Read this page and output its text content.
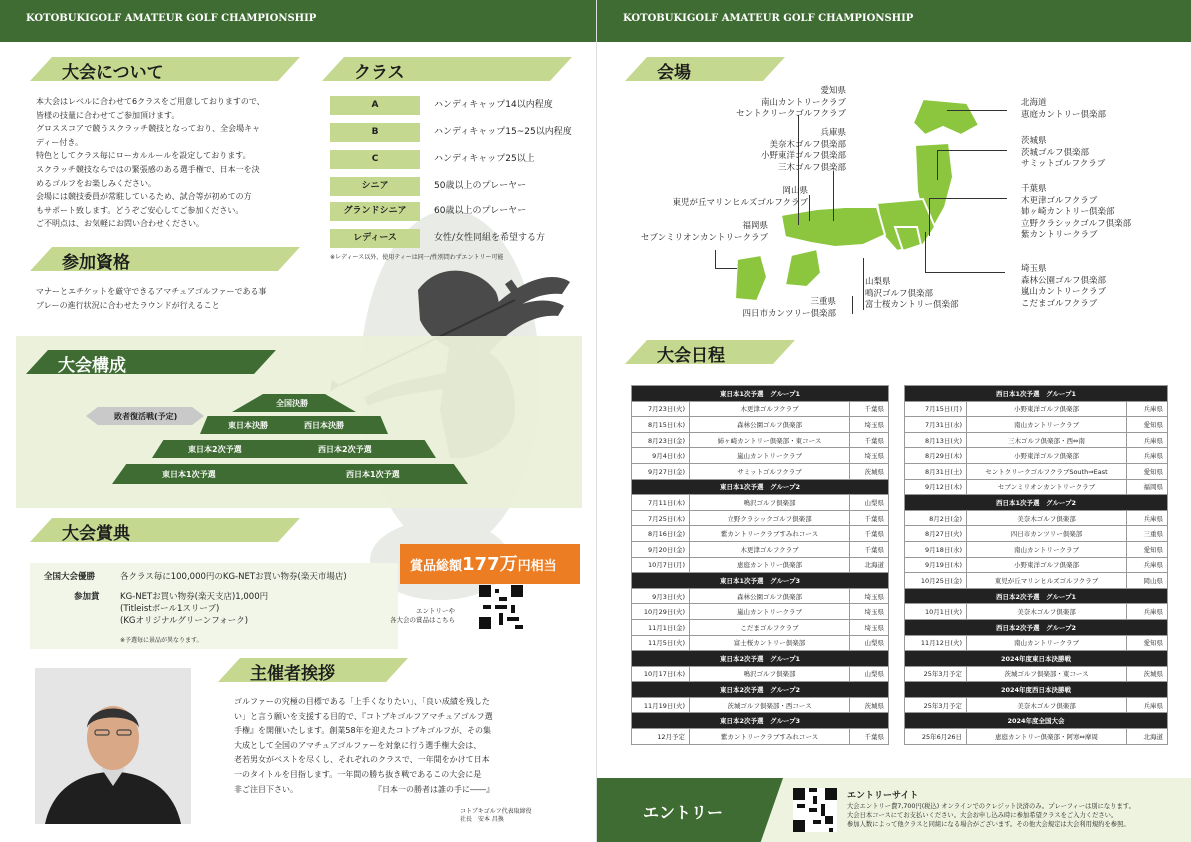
KOTOBUKIGOLF AMATEUR GOLF CHAMPIONSHIP
大会について
本大会はレベルに合わせて6クラスをご用意しておりますので、
皆様の技量に合わせてご参加頂けます。
グロススコアで競うスクラッチ競技となっており、全会場キャ
ディー付き。
特色としてクラス毎にローカルルールを設定しております。
スクラッチ競技ならではの緊張感のある選手権で、日本一を決
めるゴルフをお楽しみください。
会場には競技委員が常駐しているため、試合等が初めての方
もサポート致します。どうぞご安心してご参加ください。
ご不明点は、お気軽にお問い合わせください。
クラス
A	ハンディキャップ14以内程度
B	ハンディキャップ15~25以内程度
C	ハンディキャップ25以上
シニア	50歳以上のプレーヤー
グランドシニア	60歳以上のプレーヤー
レディース	女性/女性同組を希望する方
※レディース以外、使用ティーは同一/性別問わずエントリー可能
参加資格
マナーとエチケットを厳守できるアマチュアゴルファーである事
プレーの進行状況に合わせたラウンドが行えること
大会構成
全国決勝
敗者復活戦(予定)
東日本決勝	西日本決勝
東日本2次予選	西日本2次予選
東日本1次予選	西日本1次予選
大会賞典
賞品総額177万円相当
全国大会優勝	各クラス毎に100,000円のKG-NETお買い物券(楽天市場店)
参加賞 KG-NETお買い物券(楽天支店)1,000円
(Titleistボール1スリーブ)
(KGオリジナルグリーンフォーク)
※予選毎に景品が異なります。
エントリーや
各大会の賞品はこちら
主催者挨拶
ゴルファーの究極の目標である「上手くなりたい」、「良い成績を残した
い」と言う願いを支援する目的で、『コトブキゴルフアマチュアゴルフ選
手権』を開催いたします。創業58年を迎えたコトブキゴルフが、その集
大成として全国のアマチュアゴルファーを対象に行う選手権大会は、
老若男女がベストを尽くし、それぞれのクラスで、一年間をかけて日本
一のタイトルを目指します。一年間の勝ち抜き戦であるこの大会に是
非ご注目下さい。	『日本一の勝者は誰の手に――』
コトブキゴルフ代表取締役
社長　安本 昌換
KOTOBUKIGOLF AMATEUR GOLF CHAMPIONSHIP
会場
愛知県
南山カントリークラブ
セントクリークゴルフクラブ
兵庫県
美奈木ゴルフ倶楽部
小野東洋ゴルフ倶楽部
三木ゴルフ倶楽部
岡山県
東児が丘マリンヒルズゴルフクラブ
福岡県
セブンミリオンカントリークラブ
三重県
四日市カンツリー倶楽部
山梨県
鳴沢ゴルフ倶楽部
富士桜カントリー倶楽部
北海道
恵庭カントリー倶楽部
茨城県
茨城ゴルフ倶楽部
サミットゴルフクラブ
千葉県
木更津ゴルフクラブ
姉ヶ崎カントリー倶楽部
立野クラシックゴルフ倶楽部
紫カントリークラブ
埼玉県
森林公園ゴルフ倶楽部
嵐山カントリークラブ
こだまゴルフクラブ
大会日程
東日本1次予選　グループ1		
7月23日(火)	木更津ゴルフクラブ	千葉県
8月15日(木)	森林公園ゴルフ倶楽部	埼玉県
8月23日(金)	姉ヶ崎カントリー倶楽部・東コース	千葉県
9月4日(水)	嵐山カントリークラブ	埼玉県
9月27日(金)	サミットゴルフクラブ	茨城県
東日本1次予選　グループ2		
7月11日(木)	鳴沢ゴルフ倶楽部	山梨県
7月25日(木)	立野クラシックゴルフ倶楽部	千葉県
8月16日(金)	紫カントリークラブすみれコース	千葉県
9月20日(金)	木更津ゴルフクラブ	千葉県
10月7日(月)	恵庭カントリー倶楽部	北海道
東日本1次予選　グループ3		
9月3日(火)	森林公園ゴルフ倶楽部	埼玉県
10月29日(火)	嵐山カントリークラブ	埼玉県
11月1日(金)	こだまゴルフクラブ	埼玉県
11月5日(火)	富士桜カントリー倶楽部	山梨県
東日本2次予選　グループ1		
10月17日(木)	鳴沢ゴルフ倶楽部	山梨県
東日本2次予選　グループ2		
11月19日(火)	茨城ゴルフ倶楽部・西コース	茨城県
東日本2次予選　グループ3		
12月予定	紫カントリークラブすみれコース	千葉県
西日本1次予選　グループ1		
7月15日(月)	小野東洋ゴルフ倶楽部	兵庫県
7月31日(水)	南山カントリークラブ	愛知県
8月13日(火)	三木ゴルフ倶楽部・西⇔南	兵庫県
8月29日(木)	小野東洋ゴルフ倶楽部	兵庫県
8月31日(土)	セントクリークゴルフクラブSouth⇒East	愛知県
9月12日(木)	セブンミリオンカントリークラブ	福岡県
西日本1次予選　グループ2		
8月2日(金)	美奈木ゴルフ倶楽部	兵庫県
8月27日(火)	四日市カンツリー倶楽部	三重県
9月18日(水)	南山カントリークラブ	愛知県
9月19日(木)	小野東洋ゴルフ倶楽部	兵庫県
10月25日(金)	東児が丘マリンヒルズゴルフクラブ	岡山県
西日本2次予選　グループ1		
10月1日(火)	美奈木ゴルフ倶楽部	兵庫県
西日本2次予選　グループ2		
11月12日(火)	南山カントリークラブ	愛知県
2024年度東日本決勝戦		
25年3月予定	茨城ゴルフ倶楽部・東コース	茨城県
2024年度西日本決勝戦		
25年3月予定	美奈木ゴルフ倶楽部	兵庫県
2024年度全国大会		
25年6月26日	恵庭カントリー倶楽部・阿寒⇔摩周	北海道
エントリー
エントリーサイト
大会エントリー費7,700円(税込) オンラインでのクレジット決済のみ。プレーフィーは別になります。
大会日本コースにてお支払いください。大会お申し込み時に参加希望クラスをご入力ください。
参加人数によって他クラスと同組になる場合がございます。その他大会規定は大会利用規約を参照。
